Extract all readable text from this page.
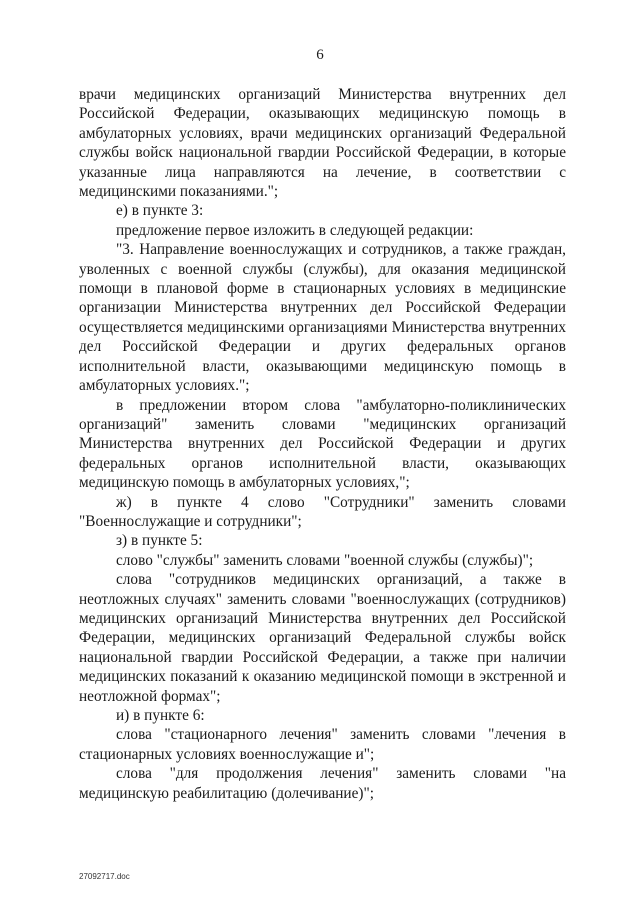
6

врачи медицинских организаций Министерства внутренних дел Российской Федерации, оказывающих медицинскую помощь в амбулаторных условиях, врачи медицинских организаций Федеральной службы войск национальной гвардии Российской Федерации, в которые указанные лица направляются на лечение, в соответствии с медицинскими показаниями.";

е) в пункте 3:

предложение первое изложить в следующей редакции:

"3. Направление военнослужащих и сотрудников, а также граждан, уволенных с военной службы (службы), для оказания медицинской помощи в плановой форме в стационарных условиях в медицинские организации Министерства внутренних дел Российской Федерации осуществляется медицинскими организациями Министерства внутренних дел Российской Федерации и других федеральных органов исполнительной власти, оказывающими медицинскую помощь в амбулаторных условиях.";

в предложении втором слова "амбулаторно-поликлинических организаций" заменить словами "медицинских организаций Министерства внутренних дел Российской Федерации и других федеральных органов исполнительной власти, оказывающих медицинскую помощь в амбулаторных условиях,";

ж) в пункте 4 слово "Сотрудники" заменить словами "Военнослужащие и сотрудники";

з) в пункте 5:

слово "службы" заменить словами "военной службы (службы)";

слова "сотрудников медицинских организаций, а также в неотложных случаях" заменить словами "военнослужащих (сотрудников) медицинских организаций Министерства внутренних дел Российской Федерации, медицинских организаций Федеральной службы войск национальной гвардии Российской Федерации, а также при наличии медицинских показаний к оказанию медицинской помощи в экстренной и неотложной формах";

и) в пункте 6:

слова "стационарного лечения" заменить словами "лечения в стационарных условиях военнослужащие и";

слова "для продолжения лечения" заменить словами "на медицинскую реабилитацию (долечивание)";

27092717.doc
